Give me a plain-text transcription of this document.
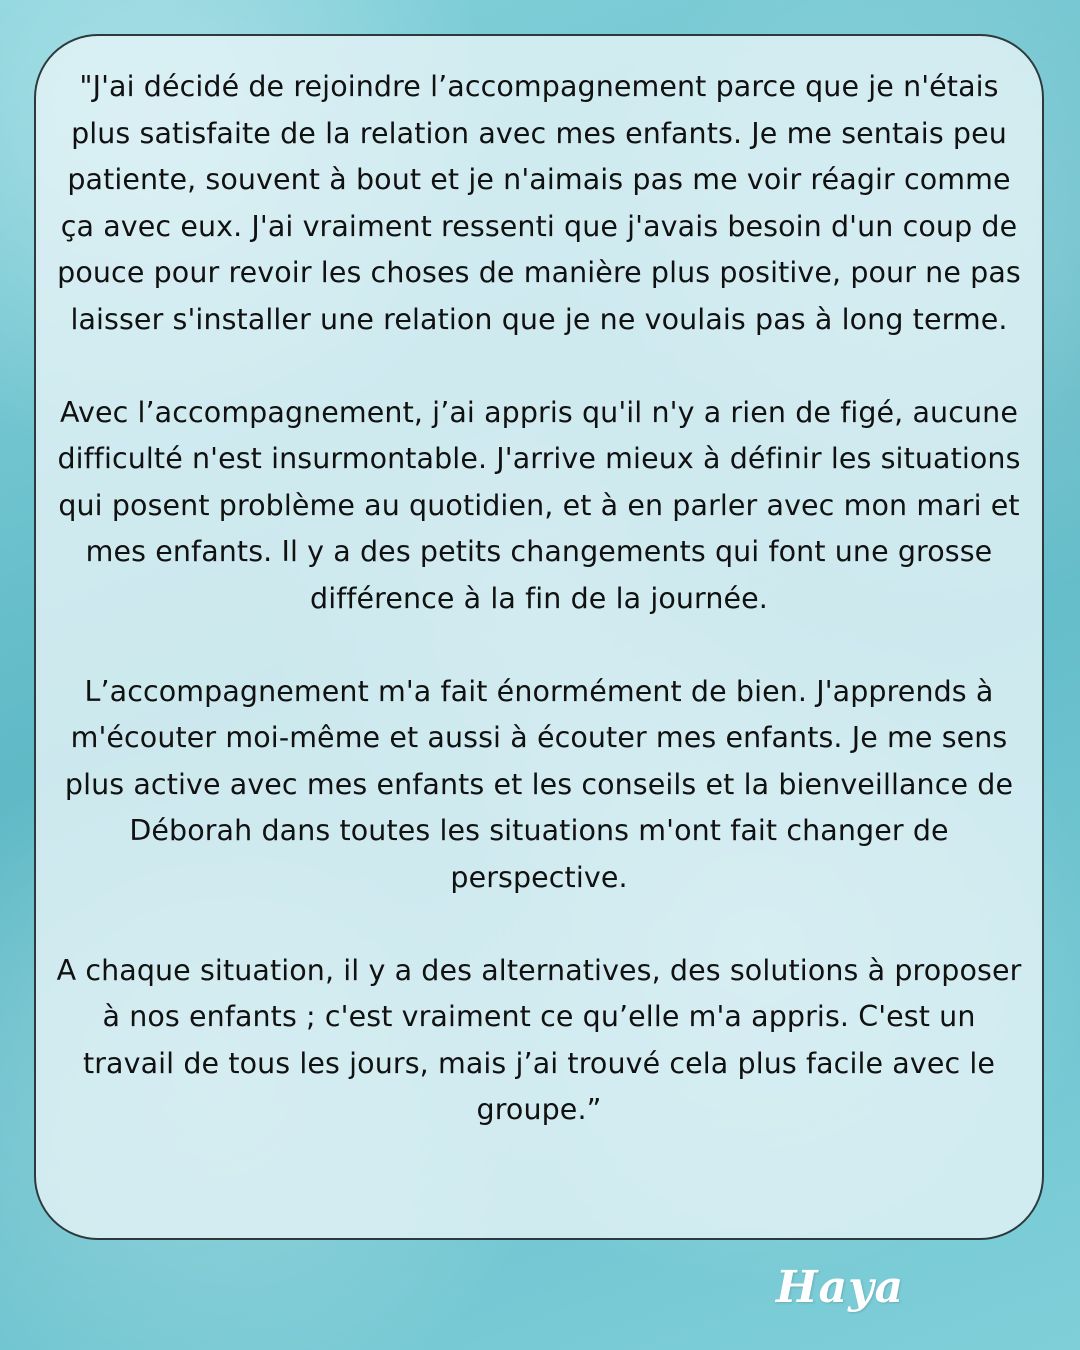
"J'ai décidé de rejoindre l’accompagnement parce que je n'étais plus satisfaite de la relation avec mes enfants. Je me sentais peu patiente, souvent à bout et je n'aimais pas me voir réagir comme ça avec eux. J'ai vraiment ressenti que j'avais besoin d'un coup de pouce pour revoir les choses de manière plus positive, pour ne pas laisser s'installer une relation que je ne voulais pas à long terme.
Avec l’accompagnement, j’ai appris qu'il n'y a rien de figé, aucune difficulté n'est insurmontable. J'arrive mieux à définir les situations qui posent problème au quotidien, et à en parler avec mon mari et mes enfants. Il y a des petits changements qui font une grosse différence à la fin de la journée.
L’accompagnement m'a fait énormément de bien. J'apprends à m'écouter moi-même et aussi à écouter mes enfants. Je me sens plus active avec mes enfants et les conseils et la bienveillance de Déborah dans toutes les situations m'ont fait changer de perspective.
A chaque situation, il y a des alternatives, des solutions à proposer à nos enfants ; c'est vraiment ce qu’elle m'a appris. C'est un travail de tous les jours, mais j’ai trouvé cela plus facile avec le groupe.”

Haya
